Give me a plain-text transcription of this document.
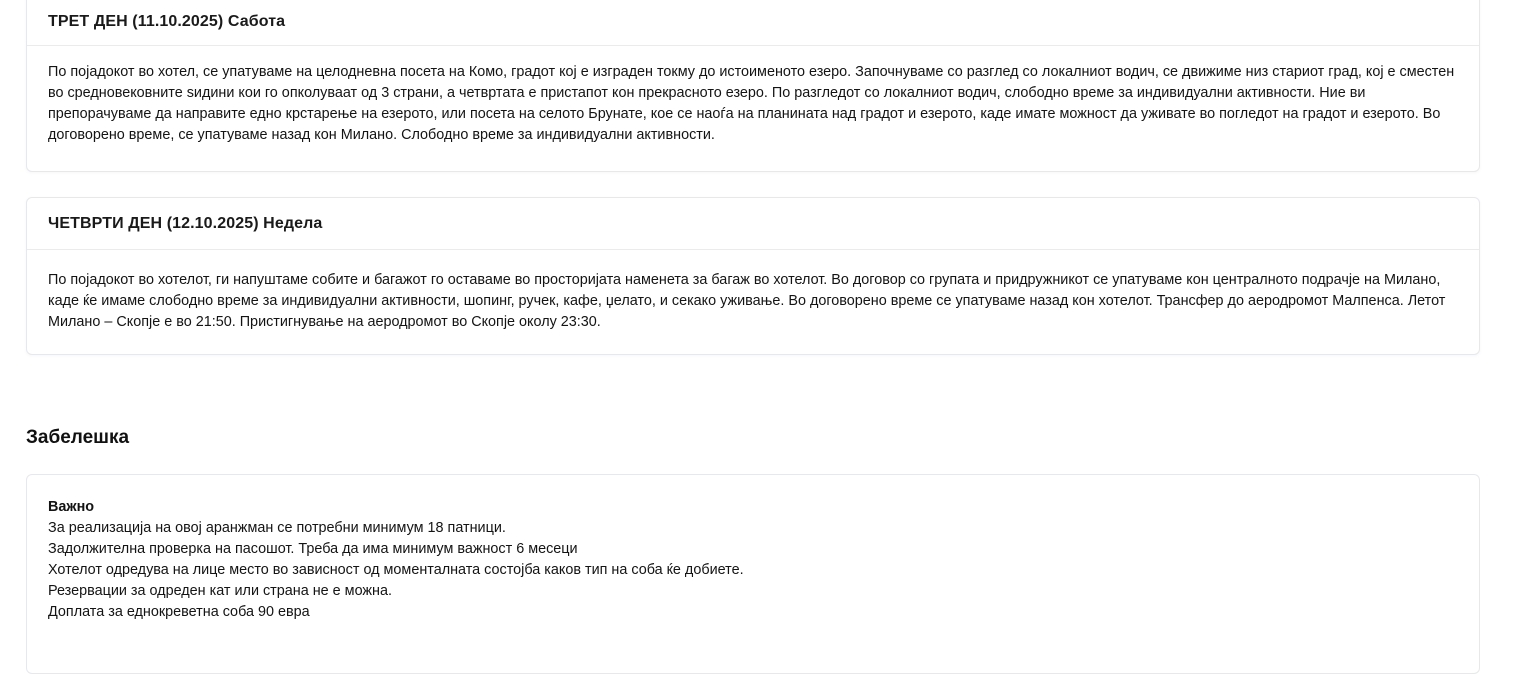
ТРЕТ ДЕН (11.10.2025) Сабота
По појадокот во хотел, се упатуваме на целодневна посета на Комо, градот кој е изграден токму до истоимeното езеро. Започнуваме со разглед со локалниот водич, се движиме низ стариот град, кој е сместен во средновековните ѕидини кои го опколуваат од 3 страни, а четвртата е пристапот кон прекрасното езеро. По разгледот со локалниот водич, слободно време за индивидуални активности. Ние ви препорачуваме да направите едно крстарење на езерото, или посета на селото Брунате, кое се наоѓа на планината над градот и езерото, каде имате можност да уживате во погледот на градот и езерото. Во договорено време, се упатуваме назад кон Милано. Слободно време за индивидуални активности.
ЧЕТВРТИ ДЕН (12.10.2025) Недела
По појадокот во хотелот, ги напуштаме собите и багажот го оставаме во просторијата наменета за багаж во хотелот. Во договор со групата и придружникот се упатуваме кон централното подрачје на Милано, каде ќе имаме слободно време за индивидуални активности, шопинг, ручек, кафе, џелато, и секако уживање. Во договорено време се упатуваме назад кон хотелот. Трансфер до аеродромот Малпенса. Летот Милано – Скопје е во 21:50. Пристигнување на аеродромот во Скопје околу 23:30.
Забелешка
Важно
За реализација на овој аранжман се потребни минимум 18 патници.
Задолжителна проверка на пасошот. Треба да има минимум важност 6 месеци
Хотелот одредува на лице место во зависност од моменталната состојба каков тип на соба ќе добиете.
Резервации за одреден кат или страна не е можна.
Доплата за еднокреветна соба 90 евра
